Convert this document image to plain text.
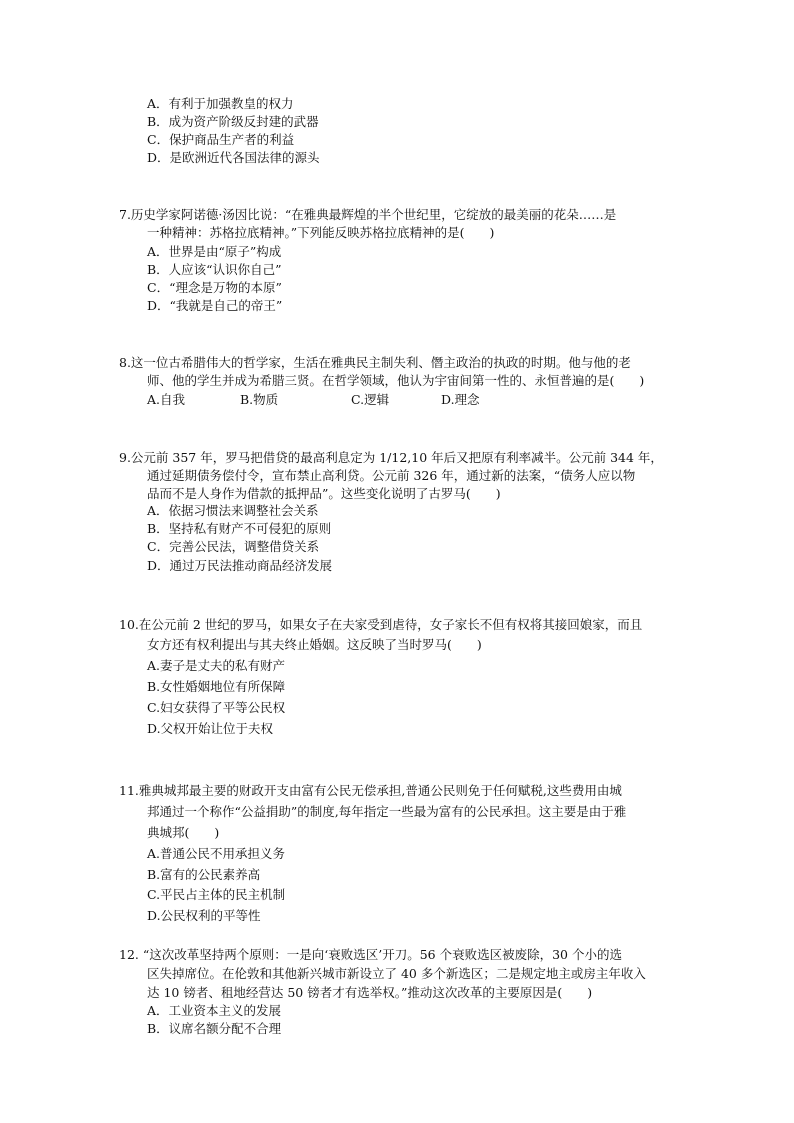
A．有利于加强教皇的权力
B．成为资产阶级反封建的武器
C．保护商品生产者的利益
D．是欧洲近代各国法律的源头
7.历史学家阿诺德·汤因比说：“在雅典最辉煌的半个世纪里，它绽放的最美丽的花朵……是
一种精神：苏格拉底精神。”下列能反映苏格拉底精神的是(　　)
A．世界是由“原子”构成
B．人应该“认识你自己”
C．“理念是万物的本原”
D．“我就是自己的帝王”
8.这一位古希腊伟大的哲学家，生活在雅典民主制失利、僭主政治的执政的时期。他与他的老
师、他的学生并成为希腊三贤。在哲学领域，他认为宇宙间第一性的、永恒普遍的是(　　)
A.自我	B.物质	C.逻辑	D.理念
9.公元前 357 年，罗马把借贷的最高利息定为 1/12,10 年后又把原有利率减半。公元前 344 年，
通过延期债务偿付令，宣布禁止高利贷。公元前 326 年，通过新的法案，“债务人应以物
品而不是人身作为借款的抵押品”。这些变化说明了古罗马(　　)
A．依据习惯法来调整社会关系
B．坚持私有财产不可侵犯的原则
C．完善公民法，调整借贷关系
D．通过万民法推动商品经济发展
10.在公元前 2 世纪的罗马，如果女子在夫家受到虐待，女子家长不但有权将其接回娘家，而且
女方还有权利提出与其夫终止婚姻。这反映了当时罗马(　　)
A.妻子是丈夫的私有财产
B.女性婚姻地位有所保障
C.妇女获得了平等公民权
D.父权开始让位于夫权
11.雅典城邦最主要的财政开支由富有公民无偿承担,普通公民则免于任何赋税,这些费用由城
邦通过一个称作“公益捐助”的制度,每年指定一些最为富有的公民承担。这主要是由于雅
典城邦(　　)
A.普通公民不用承担义务
B.富有的公民素养高
C.平民占主体的民主机制
D.公民权利的平等性
12. “这次改革坚持两个原则：一是向‘衰败选区’开刀。56 个衰败选区被废除，30 个小的选
区失掉席位。在伦敦和其他新兴城市新设立了 40 多个新选区；二是规定地主或房主年收入
达 10 镑者、租地经营达 50 镑者才有选举权。”推动这次改革的主要原因是(　　)
A．工业资本主义的发展
B．议席名额分配不合理
